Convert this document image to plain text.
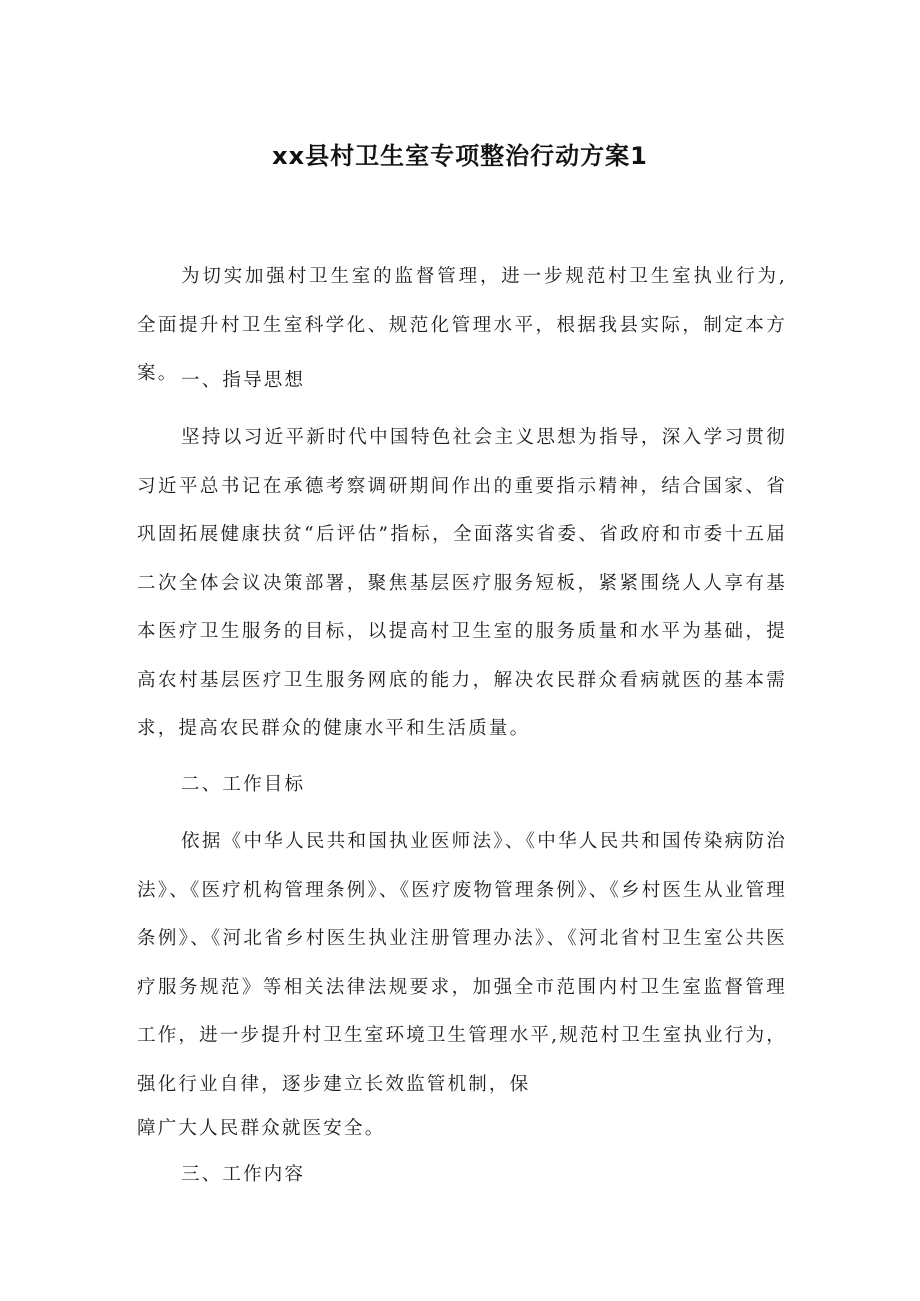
xx县村卫生室专项整治行动方案1

为切实加强村卫生室的监督管理，进一步规范村卫生室执业行为,全面提升村卫生室科学化、规范化管理水平，根据我县实际，制定本方案。 一、指导思想

坚持以习近平新时代中国特色社会主义思想为指导，深入学习贯彻习近平总书记在承德考察调研期间作出的重要指示精神，结合国家、省巩固拓展健康扶贫“后评估”指标，全面落实省委、省政府和市委十五届二次全体会议决策部署，聚焦基层医疗服务短板，紧紧围绕人人享有基本医疗卫生服务的目标，以提高村卫生室的服务质量和水平为基础，提高农村基层医疗卫生服务网底的能力，解决农民群众看病就医的基本需求，提高农民群众的健康水平和生活质量。

二、工作目标

依据《中华人民共和国执业医师法》、《中华人民共和国传染病防治法》、《医疗机构管理条例》、《医疗废物管理条例》、《乡村医生从业管理条例》、《河北省乡村医生执业注册管理办法》、《河北省村卫生室公共医疗服务规范》等相关法律法规要求，加强全市范围内村卫生室监督管理工作，进一步提升村卫生室环境卫生管理水平,规范村卫生室执业行为，强化行业自律，逐步建立长效监管机制，保

障广大人民群众就医安全。

三、工作内容
